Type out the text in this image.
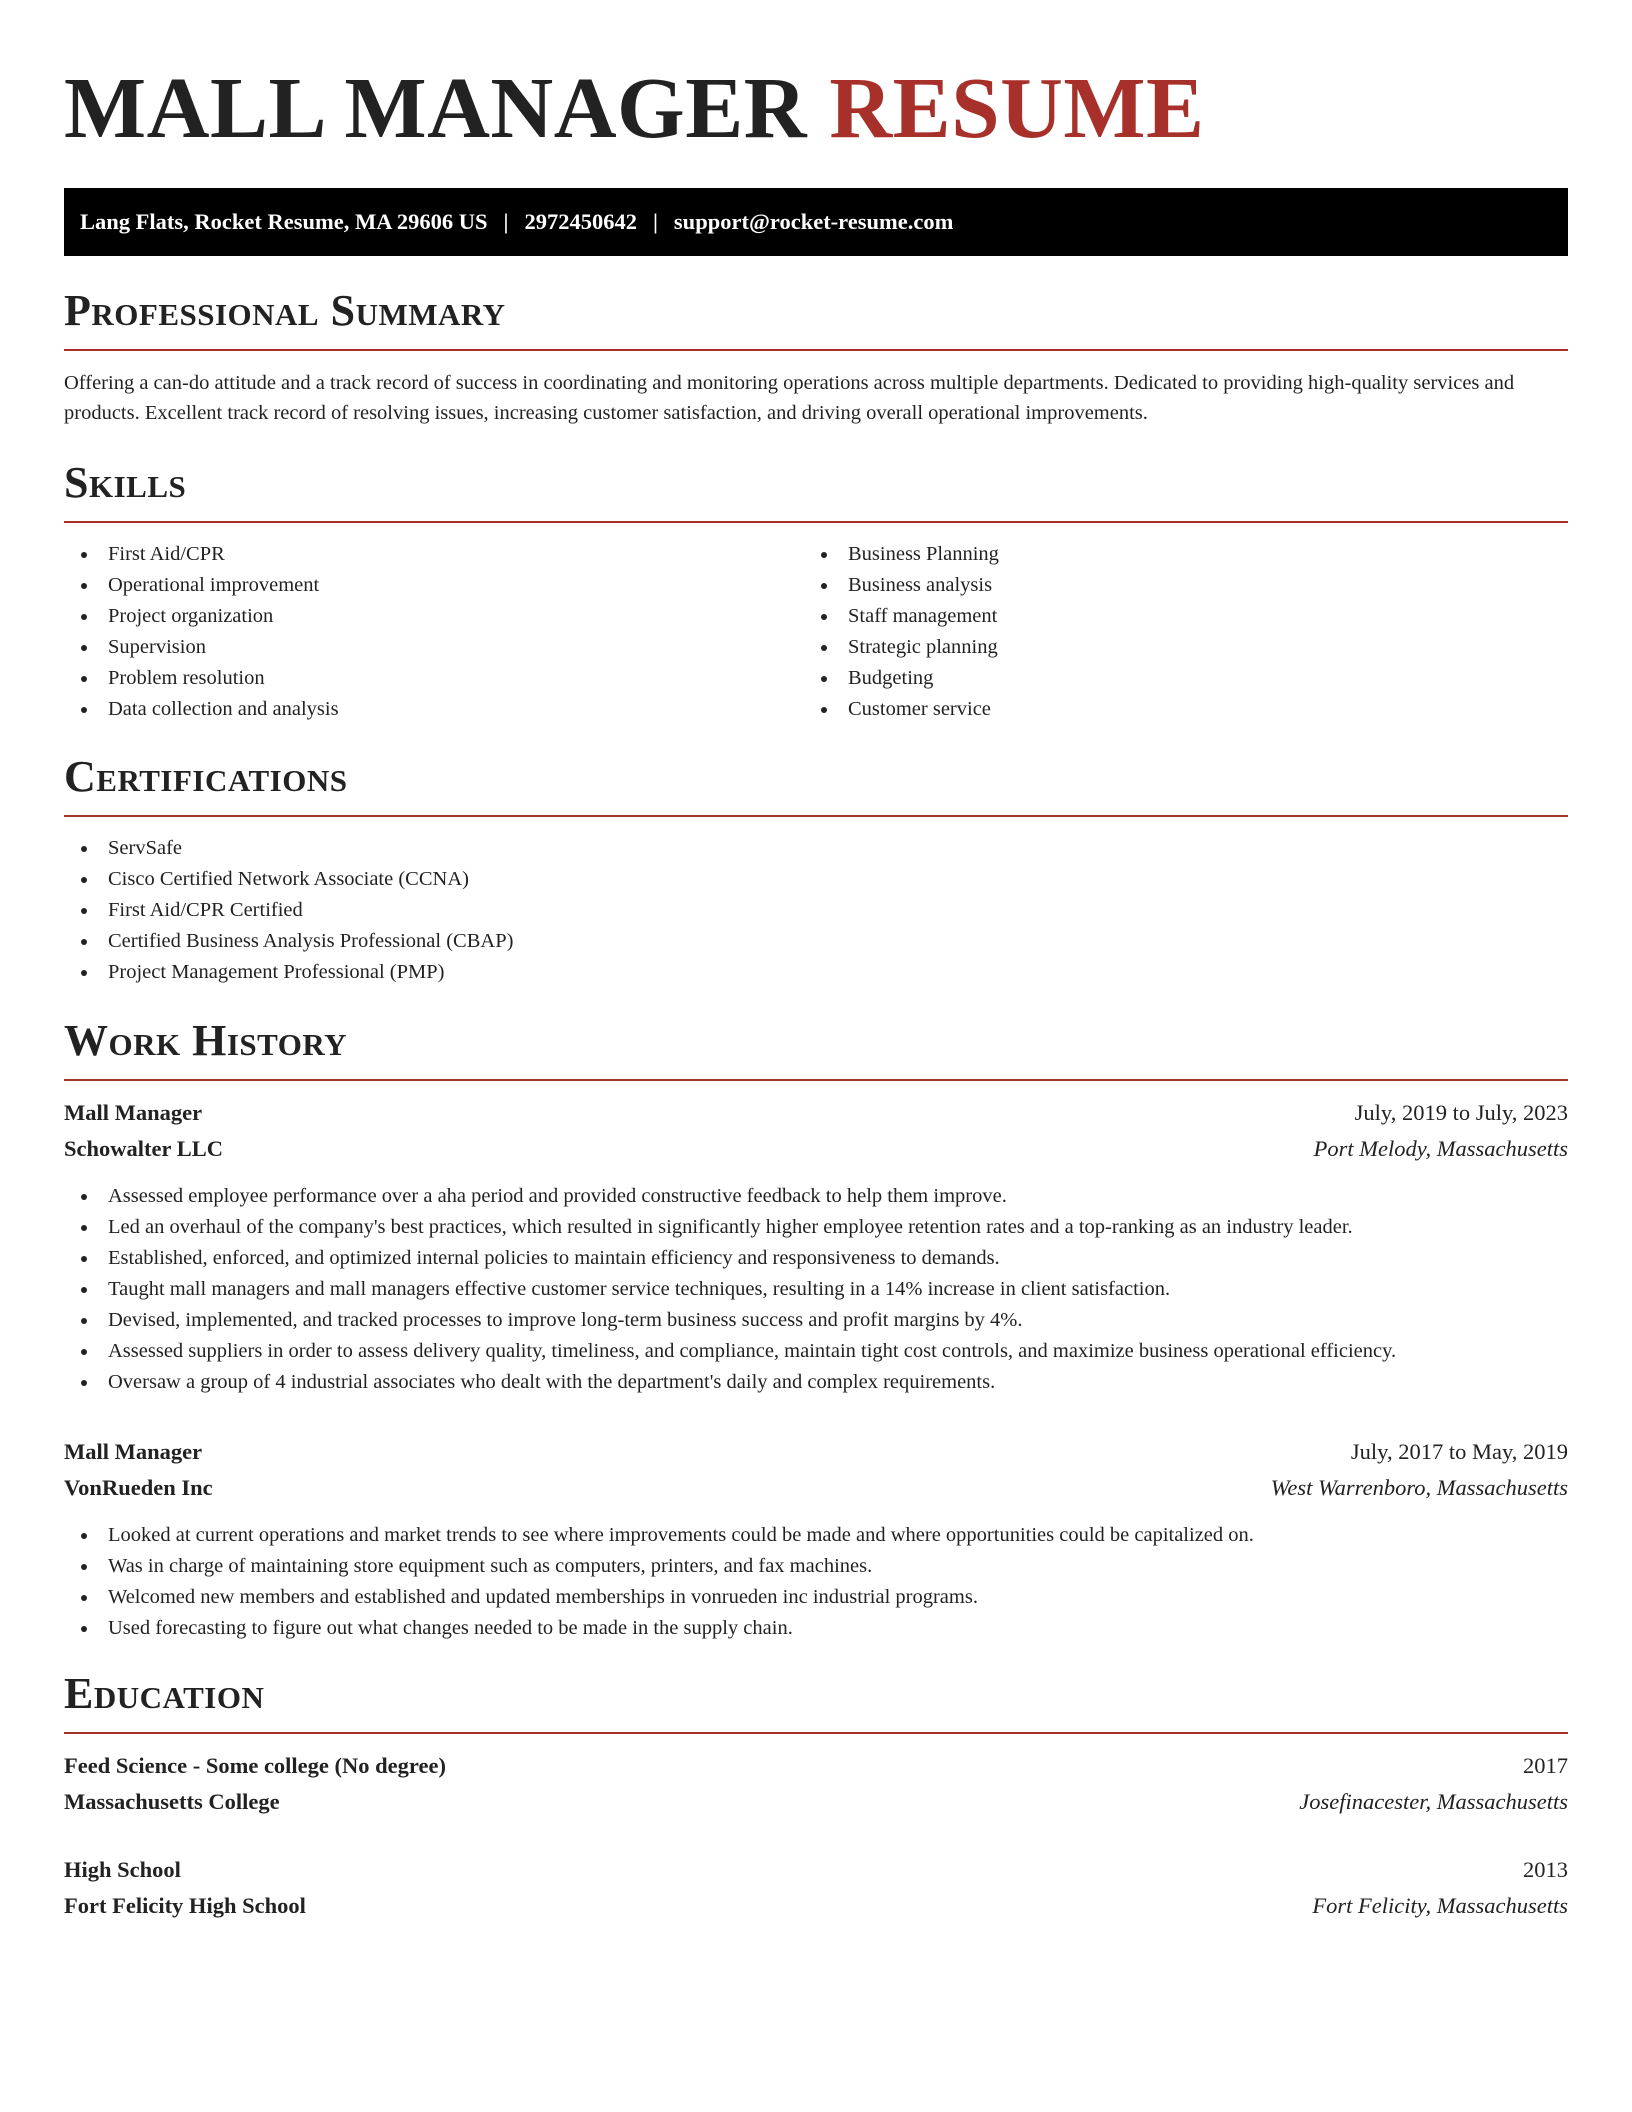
MALL MANAGER RESUME
Lang Flats, Rocket Resume, MA 29606 US | 2972450642 | support@rocket-resume.com
Professional Summary

Offering a can-do attitude and a track record of success in coordinating and monitoring operations across multiple departments. Dedicated to providing high-quality services and products. Excellent track record of resolving issues, increasing customer satisfaction, and driving overall operational improvements.

Skills
First Aid/CPR
Operational improvement
Project organization
Supervision
Problem resolution
Data collection and analysis
Business Planning
Business analysis
Staff management
Strategic planning
Budgeting
Customer service
Certifications
ServSafe
Cisco Certified Network Associate (CCNA)
First Aid/CPR Certified
Certified Business Analysis Professional (CBAP)
Project Management Professional (PMP)
Work History
Mall Manager	July, 2019 to July, 2023
Schowalter LLC	Port Melody, Massachusetts
Assessed employee performance over a aha period and provided constructive feedback to help them improve.
Led an overhaul of the company's best practices, which resulted in significantly higher employee retention rates and a top-ranking as an industry leader.
Established, enforced, and optimized internal policies to maintain efficiency and responsiveness to demands.
Taught mall managers and mall managers effective customer service techniques, resulting in a 14% increase in client satisfaction.
Devised, implemented, and tracked processes to improve long-term business success and profit margins by 4%.
Assessed suppliers in order to assess delivery quality, timeliness, and compliance, maintain tight cost controls, and maximize business operational efficiency.
Oversaw a group of 4 industrial associates who dealt with the department's daily and complex requirements.
Mall Manager	July, 2017 to May, 2019
VonRueden Inc	West Warrenboro, Massachusetts
Looked at current operations and market trends to see where improvements could be made and where opportunities could be capitalized on.
Was in charge of maintaining store equipment such as computers, printers, and fax machines.
Welcomed new members and established and updated memberships in vonrueden inc industrial programs.
Used forecasting to figure out what changes needed to be made in the supply chain.
Education
Feed Science - Some college (No degree)	2017
Massachusetts College	Josefinacester, Massachusetts
High School	2013
Fort Felicity High School	Fort Felicity, Massachusetts
